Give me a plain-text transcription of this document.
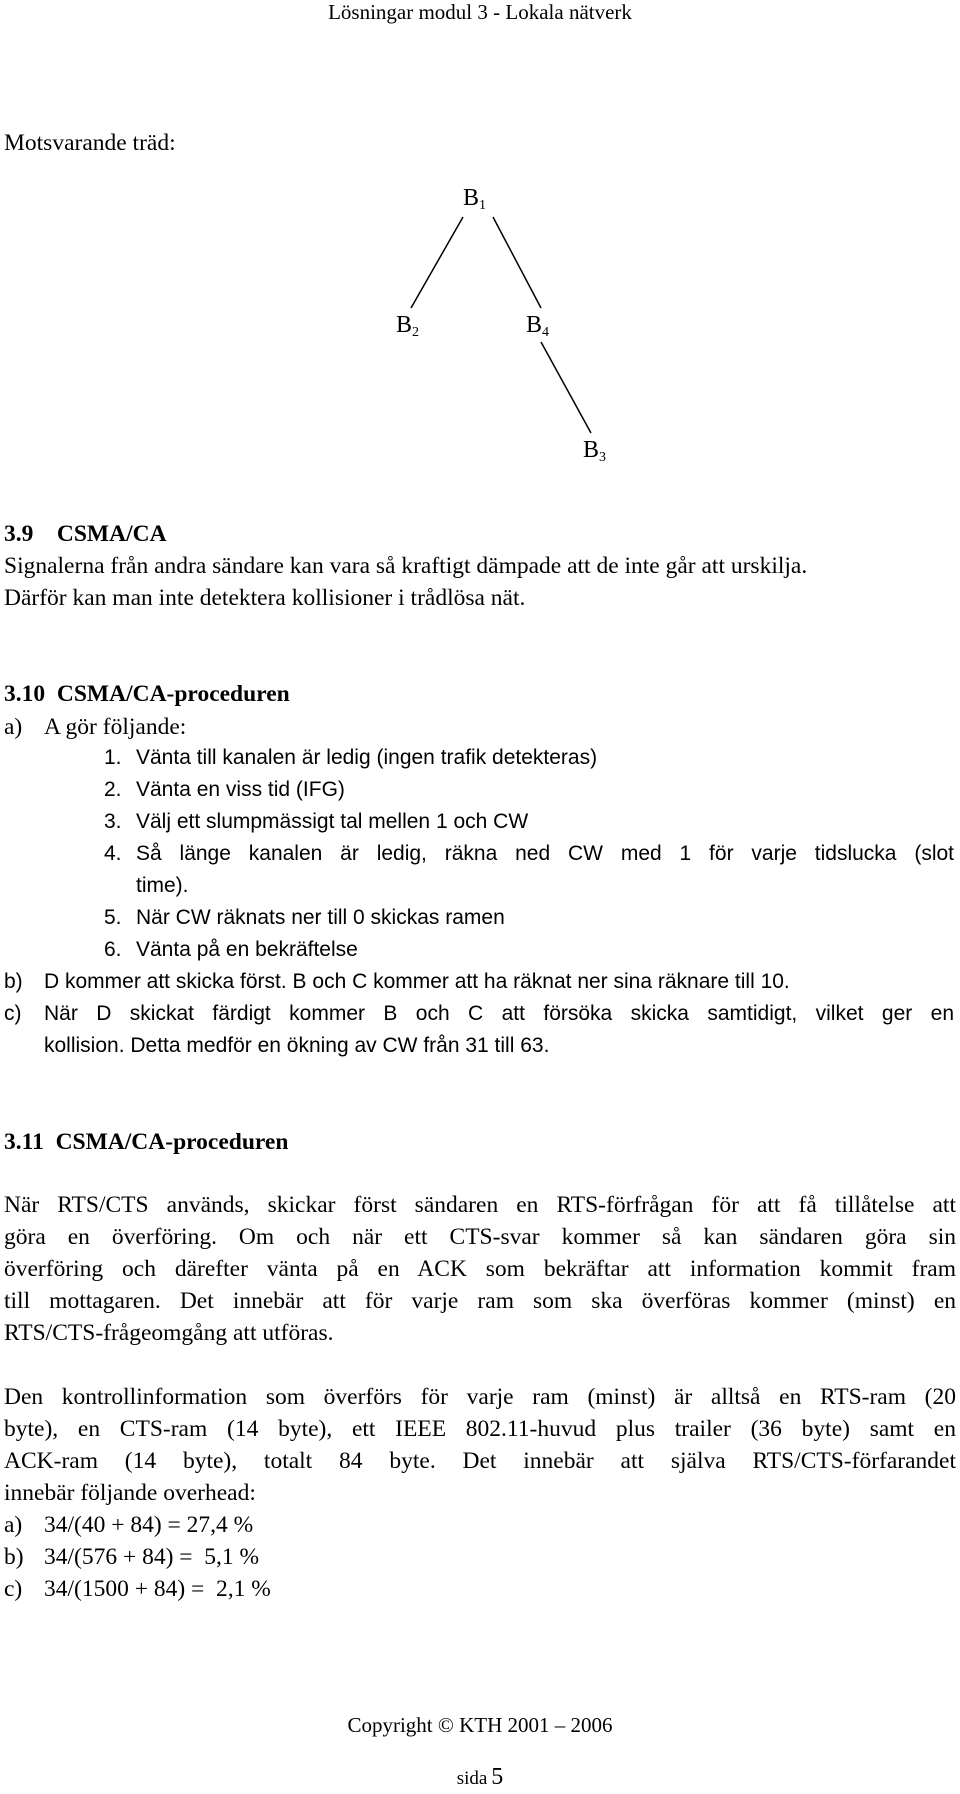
Lösningar modul 3 - Lokala nätverk
Motsvarande träd:
$B_1$
$B_2$	$B_4$
$B_3$
3.9    CSMA/CA
Signalerna från andra sändare kan vara så kraftigt dämpade att de inte går att urskilja.
Därför kan man inte detektera kollisioner i trådlösa nät.
3.10  CSMA/CA-proceduren
a) A gör följande:
1. Vänta till kanalen är ledig (ingen trafik detekteras)
2. Vänta en viss tid (IFG)
3. Välj ett slumpmässigt tal mellen 1 och CW
4. Så länge kanalen är ledig, räkna ned CW med 1 för varje tidslucka (slot
time).
5. När CW räknats ner till 0 skickas ramen
6. Vänta på en bekräftelse
b) D kommer att skicka först. B och C kommer att ha räknat ner sina räknare till 10.
c) När D skickat färdigt kommer B och C att försöka skicka samtidigt, vilket ger en
kollision. Detta medför en ökning av CW från 31 till 63.
3.11  CSMA/CA-proceduren
När RTS/CTS används, skickar först sändaren en RTS-förfrågan för att få tillåtelse att
göra en överföring. Om och när ett CTS-svar kommer så kan sändaren göra sin
överföring och därefter vänta på en ACK som bekräftar att information kommit fram
till mottagaren. Det innebär att för varje ram som ska överföras kommer (minst) en
RTS/CTS-frågeomgång att utföras.
Den kontrollinformation som överförs för varje ram (minst) är alltså en RTS-ram (20
byte), en CTS-ram (14 byte), ett IEEE 802.11-huvud plus trailer (36 byte) samt en
ACK-ram (14 byte), totalt 84 byte. Det innebär att själva RTS/CTS-förfarandet
innebär följande overhead:
a) 34/(40 + 84) = 27,4 %
b) 34/(576 + 84) =  5,1 %
c) 34/(1500 + 84) =  2,1 %
Copyright © KTH 2001 – 2006
sida 5
